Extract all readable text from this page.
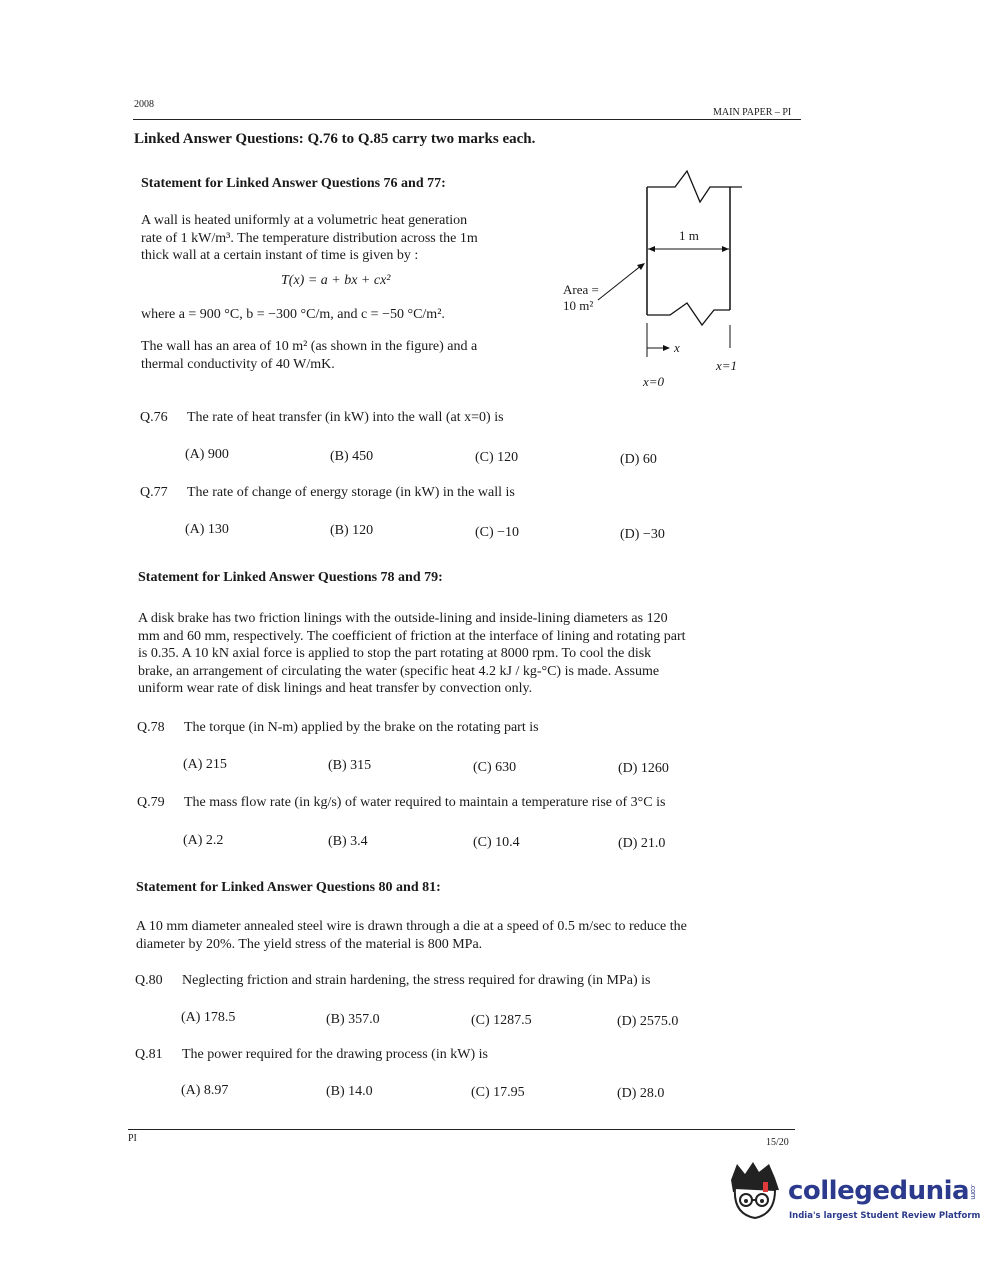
2008
MAIN PAPER – PI
Linked Answer Questions: Q.76 to Q.85 carry two marks each.
Statement for Linked Answer Questions 76 and 77:
A wall is heated uniformly at a volumetric heat generation
rate of 1 kW/m³. The temperature distribution across the 1m
thick wall at a certain instant of time is given by :
T(x) = a + bx + cx²
where a = 900 °C, b = −300 °C/m, and c = −50 °C/m².
The wall has an area of 10 m² (as shown in the figure) and a
thermal conductivity of 40 W/mK.
Area =
10 m²
1 m
x
x=0
x=1
Q.76 The rate of heat transfer (in kW) into the wall (at x=0) is
(A) 900	(B) 450	(C) 120	(D) 60
Q.77 The rate of change of energy storage (in kW) in the wall is
(A) 130	(B) 120	(C) −10	(D) −30
Statement for Linked Answer Questions 78 and 79:
A disk brake has two friction linings with the outside-lining and inside-lining diameters as 120
mm and 60 mm, respectively. The coefficient of friction at the interface of lining and rotating part
is 0.35. A 10 kN axial force is applied to stop the part rotating at 8000 rpm. To cool the disk
brake, an arrangement of circulating the water (specific heat 4.2 kJ / kg-°C) is made. Assume
uniform wear rate of disk linings and heat transfer by convection only.
Q.78 The torque (in N-m) applied by the brake on the rotating part is
(A) 215	(B) 315	(C) 630	(D) 1260
Q.79 The mass flow rate (in kg/s) of water required to maintain a temperature rise of 3°C is
(A) 2.2	(B) 3.4	(C) 10.4	(D) 21.0
Statement for Linked Answer Questions 80 and 81:
A 10 mm diameter annealed steel wire is drawn through a die at a speed of 0.5 m/sec to reduce the
diameter by 20%. The yield stress of the material is 800 MPa.
Q.80 Neglecting friction and strain hardening, the stress required for drawing (in MPa) is
(A) 178.5	(B) 357.0	(C) 1287.5	(D) 2575.0
Q.81 The power required for the drawing process (in kW) is
(A) 8.97	(B) 14.0	(C) 17.95	(D) 28.0
PI	15/20
collegedunia.com
India's largest Student Review Platform
